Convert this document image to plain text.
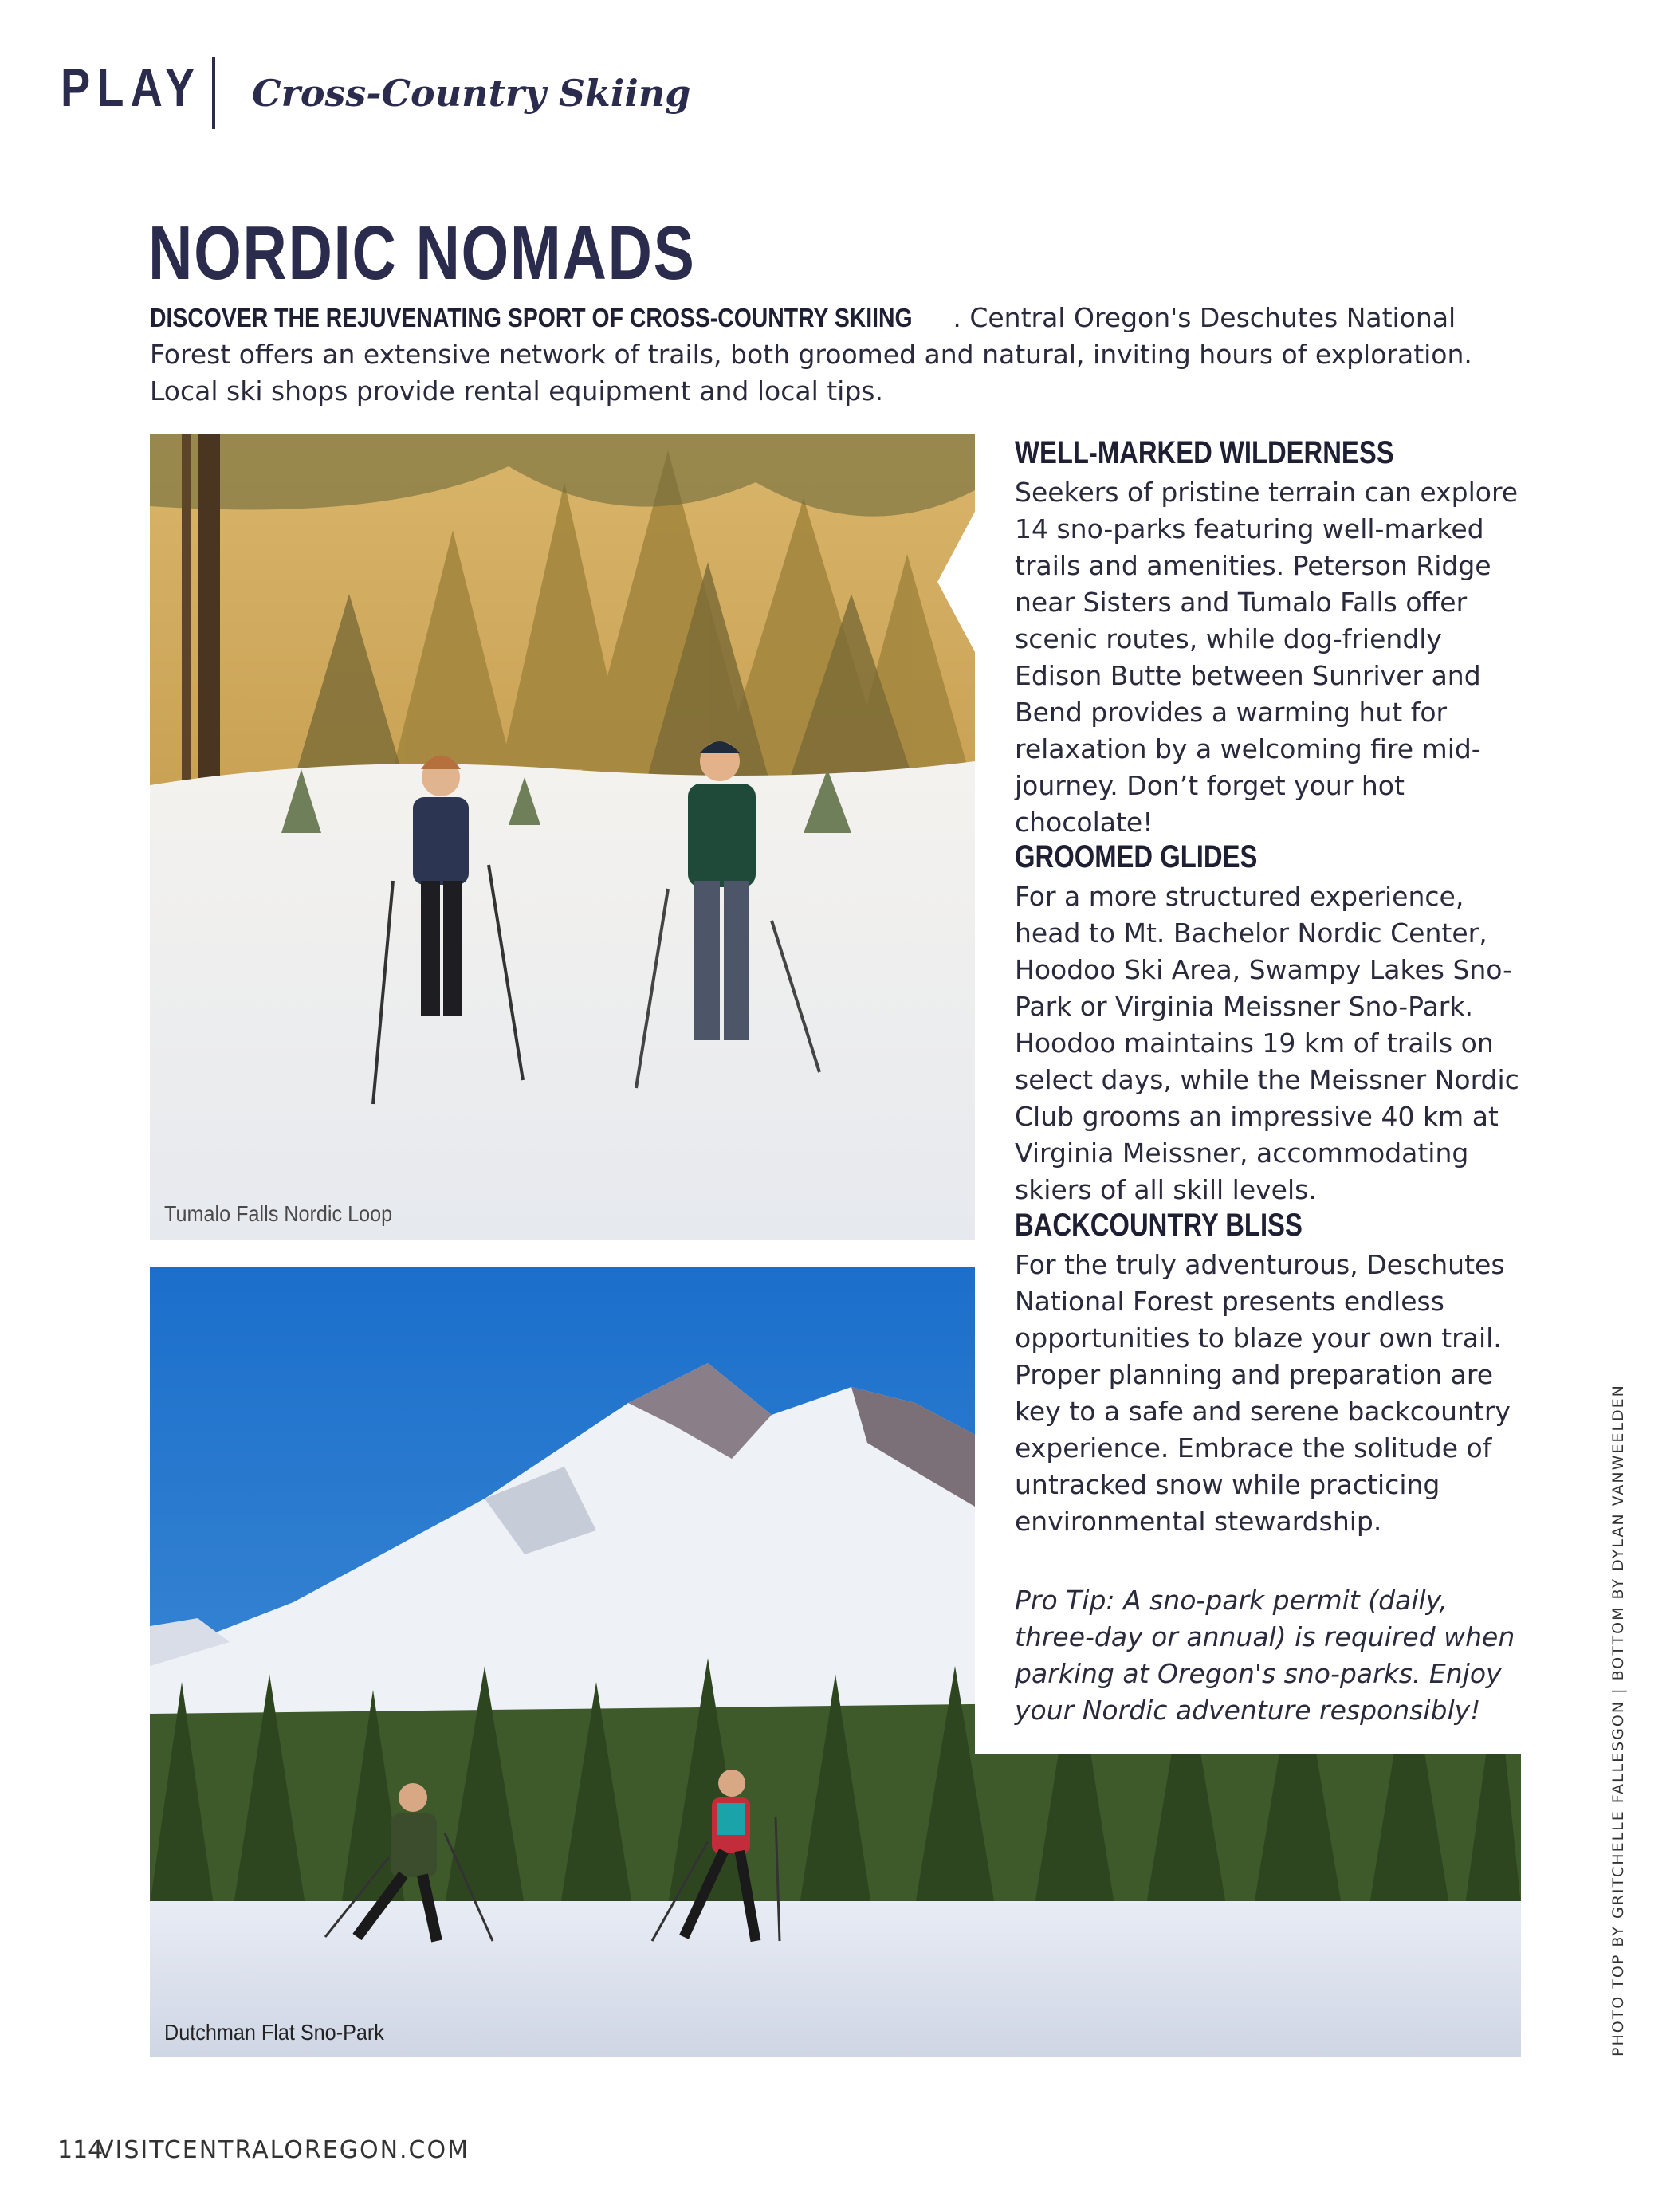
PLAY Cross-Country Skiing
NORDIC NOMADS
DISCOVER THE REJUVENATING SPORT OF CROSS-COUNTRY SKIING . Central Oregon's Deschutes National Forest offers an extensive network of trails, both groomed and natural, inviting hours of exploration. Local ski shops provide rental equipment and local tips.
Tumalo Falls Nordic Loop
Dutchman Flat Sno-Park
WELL-MARKED WILDERNESS

Seekers of pristine terrain can explore 14 sno-parks featuring well-marked trails and amenities. Peterson Ridge near Sisters and Tumalo Falls offer scenic routes, while dog-friendly Edison Butte between Sunriver and Bend provides a warming hut for relaxation by a welcoming fire mid-journey. Don’t forget your hot chocolate!

GROOMED GLIDES

For a more structured experience, head to Mt. Bachelor Nordic Center, Hoodoo Ski Area, Swampy Lakes Sno-Park or Virginia Meissner Sno-Park. Hoodoo maintains 19 km of trails on select days, while the Meissner Nordic Club grooms an impressive 40 km at Virginia Meissner, accommodating skiers of all skill levels.

BACKCOUNTRY BLISS

For the truly adventurous, Deschutes National Forest presents endless opportunities to blaze your own trail. Proper planning and preparation are key to a safe and serene backcountry experience. Embrace the solitude of untracked snow while practicing environmental stewardship.

Pro Tip: A sno-park permit (daily, three-day or annual) is required when parking at Oregon's sno-parks. Enjoy your Nordic adventure responsibly!	PHOTO TOP BY GRITCHELLE FALLESGON | BOTTOM BY DYLAN VANWEELDEN
114
VISITCENTRALOREGON.COM
